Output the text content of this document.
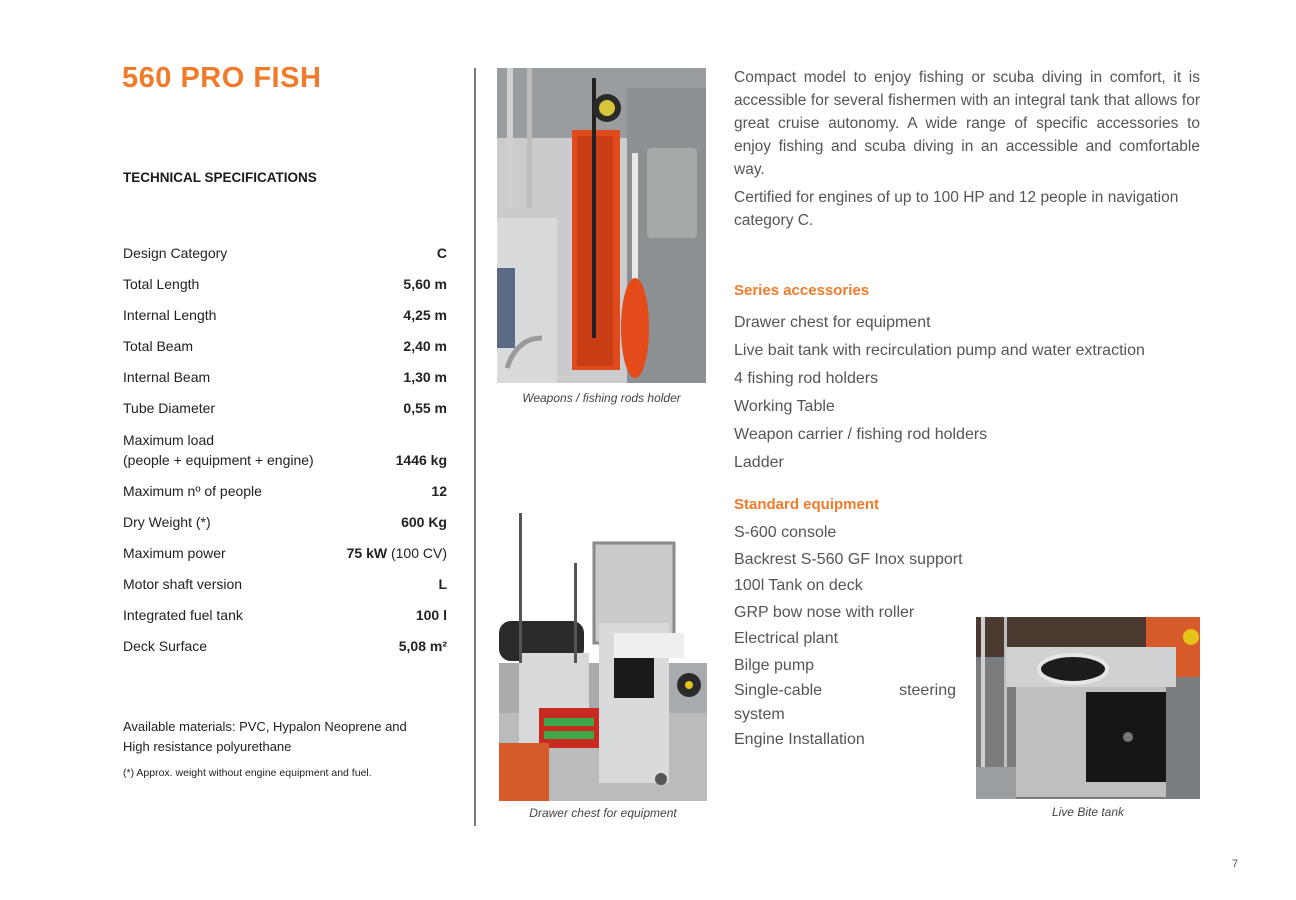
560 PRO FISH
TECHNICAL SPECIFICATIONS
Design Category	C
Total Length	5,60 m
Internal Length	4,25 m
Total Beam	2,40 m
Internal Beam	1,30 m
Tube Diameter	0,55 m
Maximum load
(people + equipment + engine)	1446 kg
Maximum nº of people	12
Dry Weight (*)	600 Kg
Maximum power	75 kW (100 CV)
Motor shaft version	L
Integrated fuel tank	100 l
Deck Surface	5,08 m²
Available materials: PVC, Hypalon Neoprene and
High resistance polyurethane
(*) Approx. weight without engine equipment and fuel.
Weapons / fishing rods holder
Drawer chest for equipment	Live Bite tank

Compact model to enjoy fishing or scuba diving in comfort, it is accessible for several fishermen with an integral tank that allows for great cruise autonomy. A wide range of specific accessories to enjoy fishing and scuba diving in an accessible and comfortable way.

Certified for engines of up to 100 HP and 12 people in navigation category C.

Series accessories
Drawer chest for equipment
Live bait tank with recirculation pump and water extraction
4 fishing rod holders
Working Table
Weapon carrier / fishing rod holders
Ladder
Standard equipment
S-600 console
Backrest S-560 GF Inox support
100l Tank on deck
GRP bow nose with roller
Electrical plant
Bilge pump
Single-cable	steering
system
Engine Installation
7
